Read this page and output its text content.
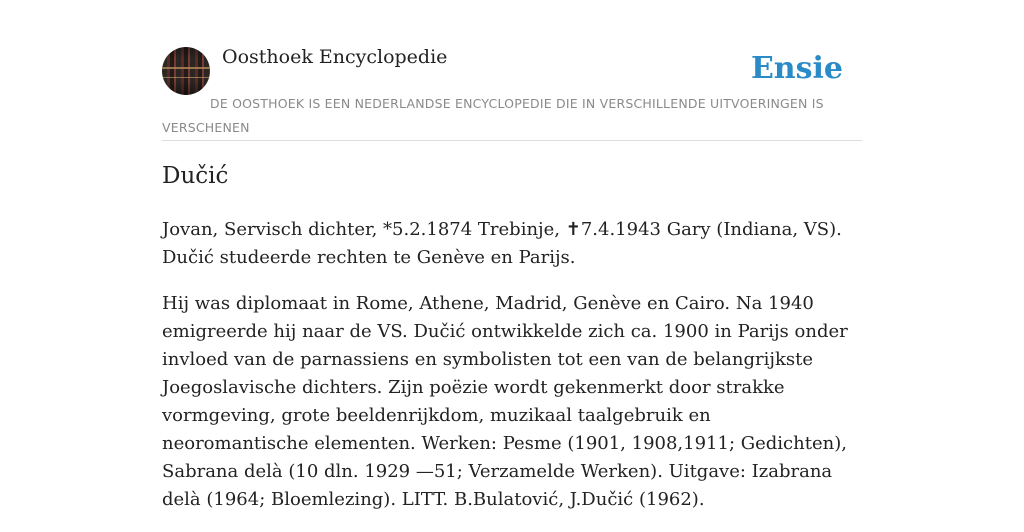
Oosthoek Encyclopedie	Ensie
DE OOSTHOEK IS EEN NEDERLANDSE ENCYCLOPEDIE DIE IN VERSCHILLENDE UITVOERINGEN IS VERSCHENEN
Dučić

Jovan, Servisch dichter, *5.2.1874 Trebinje, ✝7.4.1943 Gary (Indiana, VS). Dučić studeerde rechten te Genève en Parijs.

Hij was diplomaat in Rome, Athene, Madrid, Genève en Cairo. Na 1940 emigreerde hij naar de VS. Dučić ontwikkelde zich ca. 1900 in Parijs onder invloed van de parnassiens en symbolisten tot een van de belangrijkste Joegoslavische dichters. Zijn poëzie wordt gekenmerkt door strakke vormgeving, grote beeldenrijkdom, muzikaal taalgebruik en neoromantische elementen. Werken: Pesme (1901, 1908,1911; Gedichten), Sabrana delà (10 dln. 1929 —51; Verzamelde Werken). Uitgave: Izabrana delà (1964; Bloemlezing). LITT. B.Bulatović, J.Dučić (1962).
